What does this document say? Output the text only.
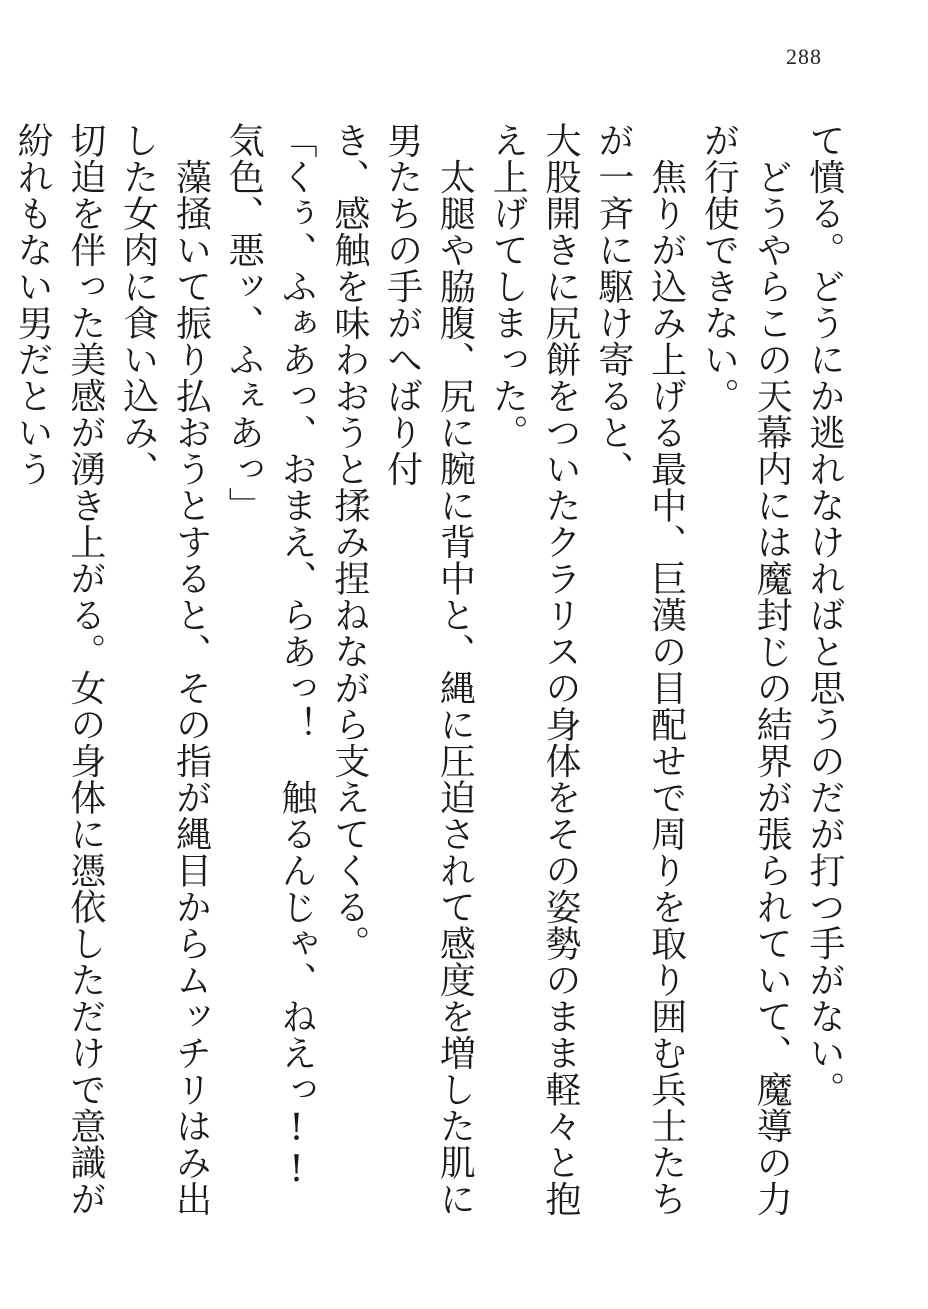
288

て憤る。どうにか逃れなければと思うのだが打つ手がない。

　どうやらこの天幕内には魔封じの結界が張られていて、魔導の力が行使できない。

　焦りが込み上げる最中、巨漢の目配せで周りを取り囲む兵士たちが一斉に駆け寄ると、

大股開きに尻餅をついたクラリスの身体をその姿勢のまま軽々と抱え上げてしまった。

　太腿や脇腹、尻に腕に背中と、縄に圧迫されて感度を増した肌に男たちの手がへばり付

き、感触を味わおうと揉み捏ねながら支えてくる。

「くぅ、ふぁあっ、おまえ、らあっ！　触るんじゃ、ねえっ!!　気色、悪ッ、ふぇあっ」

　藻掻いて振り払おうとすると、その指が縄目からムッチリはみ出した女肉に食い込み、

切迫を伴った美感が湧き上がる。女の身体に憑依しただけで意識が紛れもない男だという
